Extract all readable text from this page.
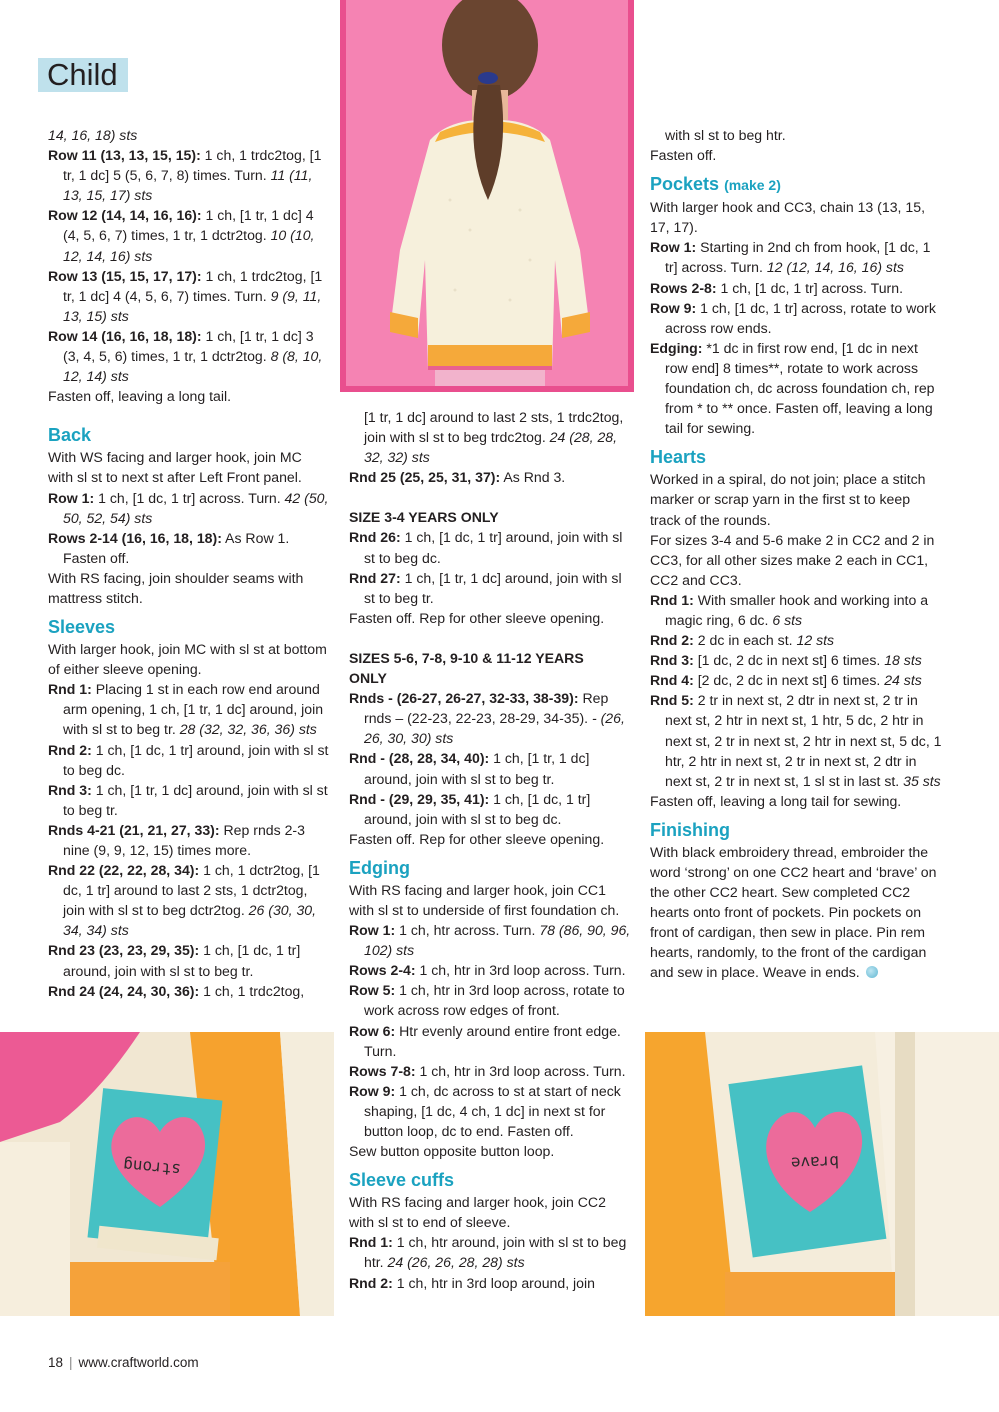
Child

14, 16, 18) sts

Row 11 (13, 13, 15, 15): 1 ch, 1 trdc2tog, [1 tr, 1 dc] 5 (5, 6, 7, 8) times. Turn. 11 (11, 13, 15, 17) sts

Row 12 (14, 14, 16, 16): 1 ch, [1 tr, 1 dc] 4 (4, 5, 6, 7) times, 1 tr, 1 dctr2tog. 10 (10, 12, 14, 16) sts

Row 13 (15, 15, 17, 17): 1 ch, 1 trdc2tog, [1 tr, 1 dc] 4 (4, 5, 6, 7) times. Turn. 9 (9, 11, 13, 15) sts

Row 14 (16, 16, 18, 18): 1 ch, [1 tr, 1 dc] 3 (3, 4, 5, 6) times, 1 tr, 1 dctr2tog. 8 (8, 10, 12, 14) sts

Fasten off, leaving a long tail.

Back

With WS facing and larger hook, join MC with sl st to next st after Left Front panel.

Row 1: 1 ch, [1 dc, 1 tr] across. Turn. 42 (50, 50, 52, 54) sts

Rows 2-14 (16, 16, 18, 18): As Row 1. Fasten off.

With RS facing, join shoulder seams with mattress stitch.

Sleeves

With larger hook, join MC with sl st at bottom of either sleeve opening.

Rnd 1: Placing 1 st in each row end around arm opening, 1 ch, [1 tr, 1 dc] around, join with sl st to beg tr. 28 (32, 32, 36, 36) sts

Rnd 2: 1 ch, [1 dc, 1 tr] around, join with sl st to beg dc.

Rnd 3: 1 ch, [1 tr, 1 dc] around, join with sl st to beg tr.

Rnds 4-21 (21, 21, 27, 33): Rep rnds 2-3 nine (9, 9, 12, 15) times more.

Rnd 22 (22, 22, 28, 34): 1 ch, 1 dctr2tog, [1 dc, 1 tr] around to last 2 sts, 1 dctr2tog, join with sl st to beg dctr2tog. 26 (30, 30, 34, 34) sts

Rnd 23 (23, 23, 29, 35): 1 ch, [1 dc, 1 tr] around, join with sl st to beg tr.

Rnd 24 (24, 24, 30, 36): 1 ch, 1 trdc2tog,

[1 tr, 1 dc] around to last 2 sts, 1 trdc2tog, join with sl st to beg trdc2tog. 24 (28, 28, 32, 32) sts

Rnd 25 (25, 25, 31, 37): As Rnd 3.

SIZE 3-4 YEARS ONLY

Rnd 26: 1 ch, [1 dc, 1 tr] around, join with sl st to beg dc.

Rnd 27: 1 ch, [1 tr, 1 dc] around, join with sl st to beg tr.

Fasten off. Rep for other sleeve opening.

SIZES 5-6, 7-8, 9-10 & 11-12 YEARS ONLY

Rnds - (26-27, 26-27, 32-33, 38-39): Rep rnds – (22-23, 22-23, 28-29, 34-35). - (26, 26, 30, 30) sts

Rnd - (28, 28, 34, 40): 1 ch, [1 tr, 1 dc] around, join with sl st to beg tr.

Rnd - (29, 29, 35, 41): 1 ch, [1 dc, 1 tr] around, join with sl st to beg dc.

Fasten off. Rep for other sleeve opening.

Edging

With RS facing and larger hook, join CC1 with sl st to underside of first foundation ch.

Row 1: 1 ch, htr across. Turn. 78 (86, 90, 96, 102) sts

Rows 2-4: 1 ch, htr in 3rd loop across. Turn.

Row 5: 1 ch, htr in 3rd loop across, rotate to work across row edges of front.

Row 6: Htr evenly around entire front edge. Turn.

Rows 7-8: 1 ch, htr in 3rd loop across. Turn.

Row 9: 1 ch, dc across to st at start of neck shaping, [1 dc, 4 ch, 1 dc] in next st for button loop, dc to end. Fasten off.

Sew button opposite button loop.

Sleeve cuffs

With RS facing and larger hook, join CC2 with sl st to end of sleeve.

Rnd 1: 1 ch, htr around, join with sl st to beg htr. 24 (26, 26, 28, 28) sts

Rnd 2: 1 ch, htr in 3rd loop around, join

with sl st to beg htr.

Fasten off.

Pockets (make 2)

With larger hook and CC3, chain 13 (13, 15, 17, 17).

Row 1: Starting in 2nd ch from hook, [1 dc, 1 tr] across. Turn. 12 (12, 14, 16, 16) sts

Rows 2-8: 1 ch, [1 dc, 1 tr] across. Turn.

Row 9: 1 ch, [1 dc, 1 tr] across, rotate to work across row ends.

Edging: *1 dc in first row end, [1 dc in next row end] 8 times**, rotate to work across foundation ch, dc across foundation ch, rep from * to ** once. Fasten off, leaving a long tail for sewing.

Hearts

Worked in a spiral, do not join; place a stitch marker or scrap yarn in the first st to keep track of the rounds.

For sizes 3-4 and 5-6 make 2 in CC2 and 2 in CC3, for all other sizes make 2 each in CC1, CC2 and CC3.

Rnd 1: With smaller hook and working into a magic ring, 6 dc. 6 sts

Rnd 2: 2 dc in each st. 12 sts

Rnd 3: [1 dc, 2 dc in next st] 6 times. 18 sts

Rnd 4: [2 dc, 2 dc in next st] 6 times. 24 sts

Rnd 5: 2 tr in next st, 2 dtr in next st, 2 tr in next st, 2 htr in next st, 1 htr, 5 dc, 2 htr in next st, 2 tr in next st, 2 htr in next st, 5 dc, 1 htr, 2 htr in next st, 2 tr in next st, 2 dtr in next st, 2 tr in next st, 1 sl st in last st. 35 sts

Fasten off, leaving a long tail for sewing.

Finishing

With black embroidery thread, embroider the word ‘strong’ on one CC2 heart and ‘brave’ on the other CC2 heart. Sew completed CC2 hearts onto front of pockets. Pin pockets on front of cardigan, then sew in place. Pin rem hearts, randomly, to the front of the cardigan and sew in place. Weave in ends.

strong	brave
18 | www.craftworld.com
